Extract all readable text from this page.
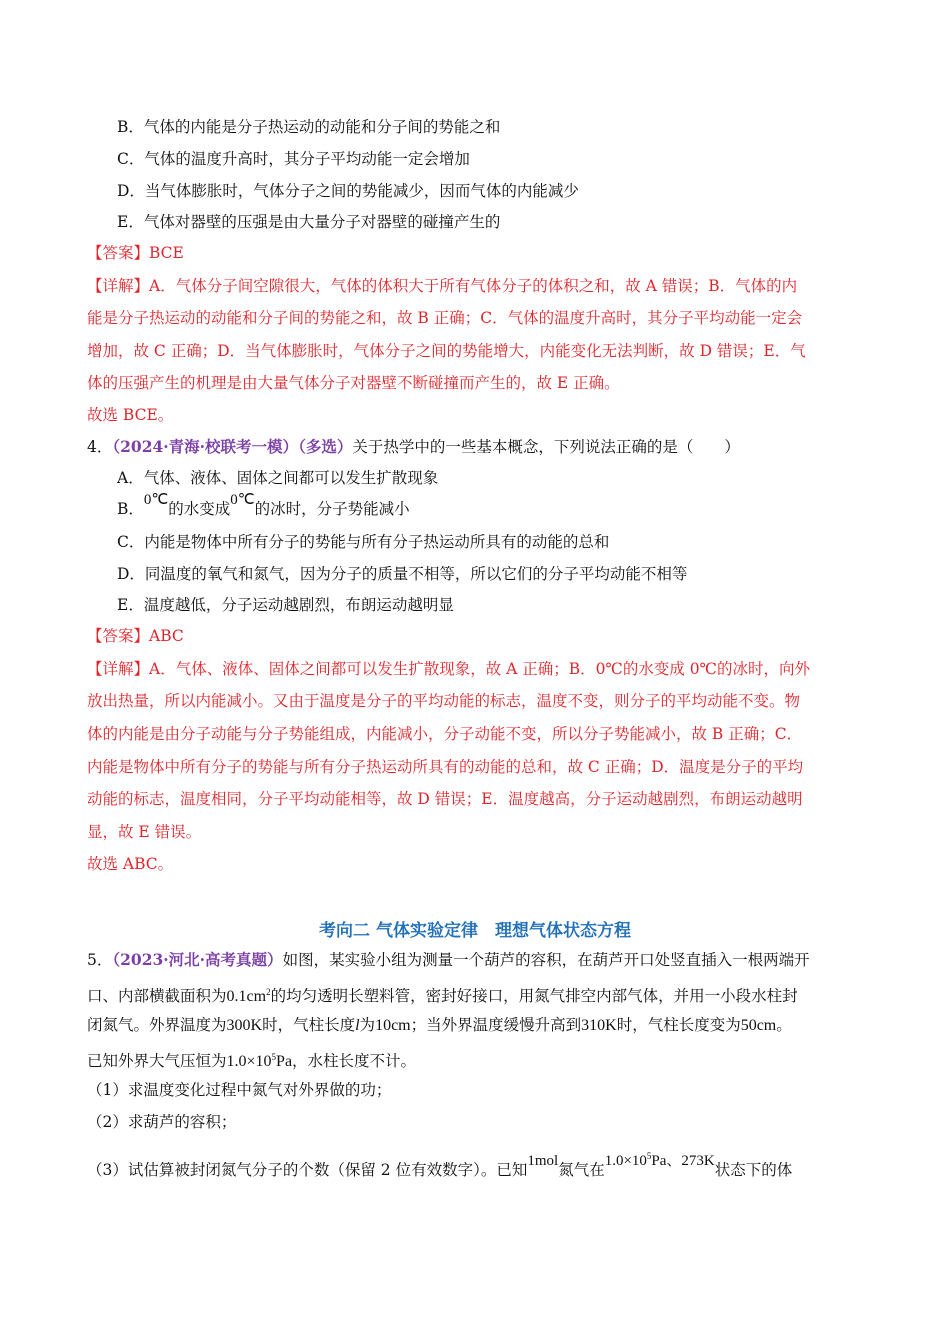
B．气体的内能是分子热运动的动能和分子间的势能之和
C．气体的温度升高时，其分子平均动能一定会增加
D．当气体膨胀时，气体分子之间的势能减少，因而气体的内能减少
E．气体对器壁的压强是由大量分子对器壁的碰撞产生的
【答案】BCE
【详解】A．气体分子间空隙很大，气体的体积大于所有气体分子的体积之和，故 A 错误；B．气体的内
能是分子热运动的动能和分子间的势能之和，故 B 正确；C．气体的温度升高时，其分子平均动能一定会
增加，故 C 正确；D．当气体膨胀时，气体分子之间的势能增大，内能变化无法判断，故 D 错误；E．气
体的压强产生的机理是由大量气体分子对器壁不断碰撞而产生的，故 E 正确。
故选 BCE。
4．（2024·青海·校联考一模）（多选）关于热学中的一些基本概念，下列说法正确的是（　　）
A．气体、液体、固体之间都可以发生扩散现象
B．0℃的水变成0℃的冰时，分子势能减小
C．内能是物体中所有分子的势能与所有分子热运动所具有的动能的总和
D．同温度的氧气和氮气，因为分子的质量不相等，所以它们的分子平均动能不相等
E．温度越低，分子运动越剧烈，布朗运动越明显
【答案】ABC
【详解】A．气体、液体、固体之间都可以发生扩散现象，故 A 正确；B．0℃的水变成 0℃的冰时，向外
放出热量，所以内能减小。又由于温度是分子的平均动能的标志，温度不变，则分子的平均动能不变。物
体的内能是由分子动能与分子势能组成，内能减小，分子动能不变，所以分子势能减小，故 B 正确；C．
内能是物体中所有分子的势能与所有分子热运动所具有的动能的总和，故 C 正确；D．温度是分子的平均
动能的标志，温度相同，分子平均动能相等，故 D 错误；E．温度越高，分子运动越剧烈，布朗运动越明
显，故 E 错误。
故选 ABC。
考向二 气体实验定律　理想气体状态方程
5．（2023·河北·高考真题）如图，某实验小组为测量一个葫芦的容积，在葫芦开口处竖直插入一根两端开
口、内部横截面积为$0.1cm^2$的均匀透明长塑料管，密封好接口，用氮气排空内部气体，并用一小段水柱封
闭氮气。外界温度为300K时，气柱长度l为10cm；当外界温度缓慢升高到310K时，气柱长度变为50cm。
已知外界大气压恒为$1.0\times 10^5Pa$，水柱长度不计。
（1）求温度变化过程中氮气对外界做的功；
（2）求葫芦的容积；
（3）试估算被封闭氮气分子的个数（保留 2 位有效数字）。已知1mol氮气在$1.0\times 10^5Pa$、273K状态下的体
